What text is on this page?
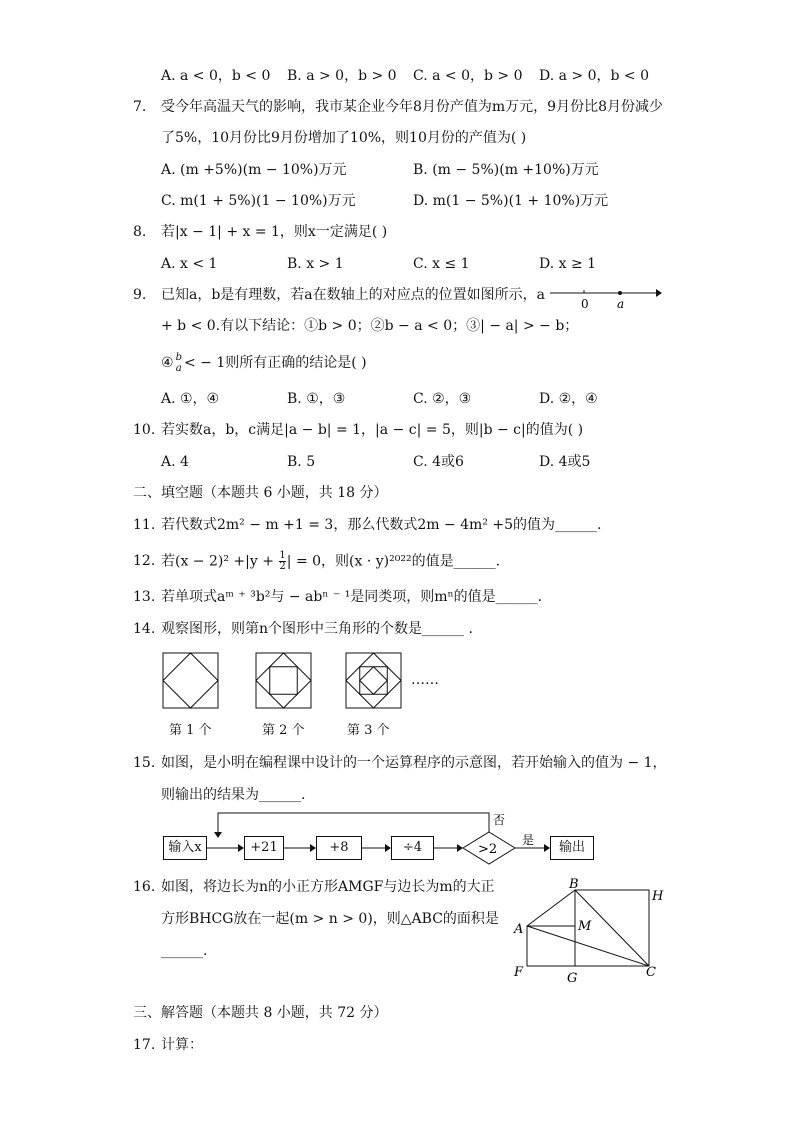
A. a < 0，b < 0 B. a > 0，b > 0 C. a < 0，b > 0 D. a > 0，b < 0
7. 受今年高温天气的影响，我市某企业今年8月份产值为m万元，9月份比8月份减少
了5%，10月份比9月份增加了10%，则10月份的产值为( )
A. (m +5%)(m − 10%)万元	B. (m − 5%)(m +10%)万元
C. m(1 + 5%)(1 − 10%)万元	D. m(1 − 5%)(1 + 10%)万元
8. 若|x − 1| + x = 1，则x一定满足( )
A. x < 1	B. x > 1	C. x ≤ 1	D. x ≥ 1
9. 已知a，b是有理数，若a在数轴上的对应点的位置如图所示，a
0 a
+ b < 0.有以下结论：①b > 0；②b − a < 0；③| − a| > − b；
④ b
a < − 1则所有正确的结论是( )
A. ①，④	B. ①，③	C. ②，③	D. ②，④
10. 若实数a，b，c满足|a − b| = 1，|a − c| = 5，则|b − c|的值为( )
A. 4	B. 5	C. 4或6	D. 4或5
二、填空题（本题共 6 小题，共 18 分）
11. 若代数式2m² − m +1 = 3，那么代数式2m − 4m² +5的值为______.
12. 若$(x - 2)^2 +|y + \frac{1}{2}$ | = 0，则(x · y)²⁰²²的值是______.
13. 若单项式aᵐ ⁺ ³b²与 − abⁿ ⁻ ¹是同类项，则mⁿ的值是______.
14. 观察图形，则第n个图形中三角形的个数是______ .
……
第 1 个	第 2 个	第 3 个
15. 如图，是小明在编程课中设计的一个运算程序的示意图，若开始输入的值为 − 1，
则输出的结果为______.
>2
否
是
输入x	+21	+8	÷4	输出
16. 如图，将边长为n的小正方形AMGF与边长为m的大正
方形BHCG放在一起(m > n > 0)，则△ABC的面积是
______.
B
H
A	M
F	G	C
三、解答题（本题共 8 小题，共 72 分）
17. 计算：
